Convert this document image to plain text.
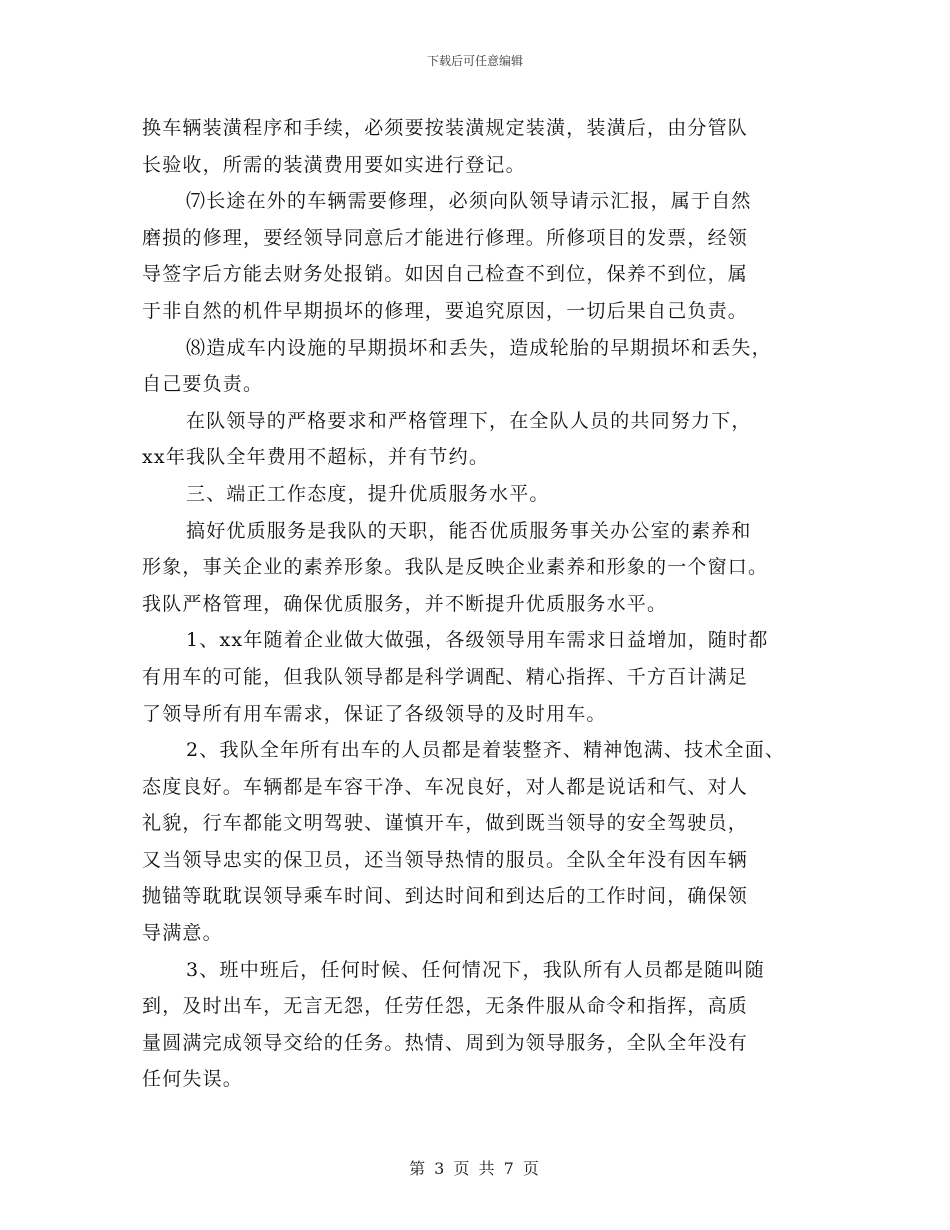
下载后可任意编辑
换车辆装潢程序和手续，必须要按装潢规定装潢，装潢后，由分管队
长验收，所需的装潢费用要如实进行登记。
⑺长途在外的车辆需要修理，必须向队领导请示汇报，属于自然
磨损的修理，要经领导同意后才能进行修理。所修项目的发票，经领
导签字后方能去财务处报销。如因自己检查不到位，保养不到位，属
于非自然的机件早期损坏的修理，要追究原因，一切后果自己负责。
⑻造成车内设施的早期损坏和丢失，造成轮胎的早期损坏和丢失，
自己要负责。
在队领导的严格要求和严格管理下，在全队人员的共同努力下，
xx年我队全年费用不超标，并有节约。
三、端正工作态度，提升优质服务水平。
搞好优质服务是我队的天职，能否优质服务事关办公室的素养和
形象，事关企业的素养形象。我队是反映企业素养和形象的一个窗口。
我队严格管理，确保优质服务，并不断提升优质服务水平。
1、xx年随着企业做大做强，各级领导用车需求日益增加，随时都
有用车的可能，但我队领导都是科学调配、精心指挥、千方百计满足
了领导所有用车需求，保证了各级领导的及时用车。
2、我队全年所有出车的人员都是着装整齐、精神饱满、技术全面、
态度良好。车辆都是车容干净、车况良好，对人都是说话和气、对人
礼貌，行车都能文明驾驶、谨慎开车，做到既当领导的安全驾驶员，
又当领导忠实的保卫员，还当领导热情的服员。全队全年没有因车辆
抛锚等耽耽误领导乘车时间、到达时间和到达后的工作时间，确保领
导满意。
3、班中班后，任何时候、任何情况下，我队所有人员都是随叫随
到，及时出车，无言无怨，任劳任怨，无条件服从命令和指挥，高质
量圆满完成领导交给的任务。热情、周到为领导服务，全队全年没有
任何失误。
第 3 页 共 7 页
